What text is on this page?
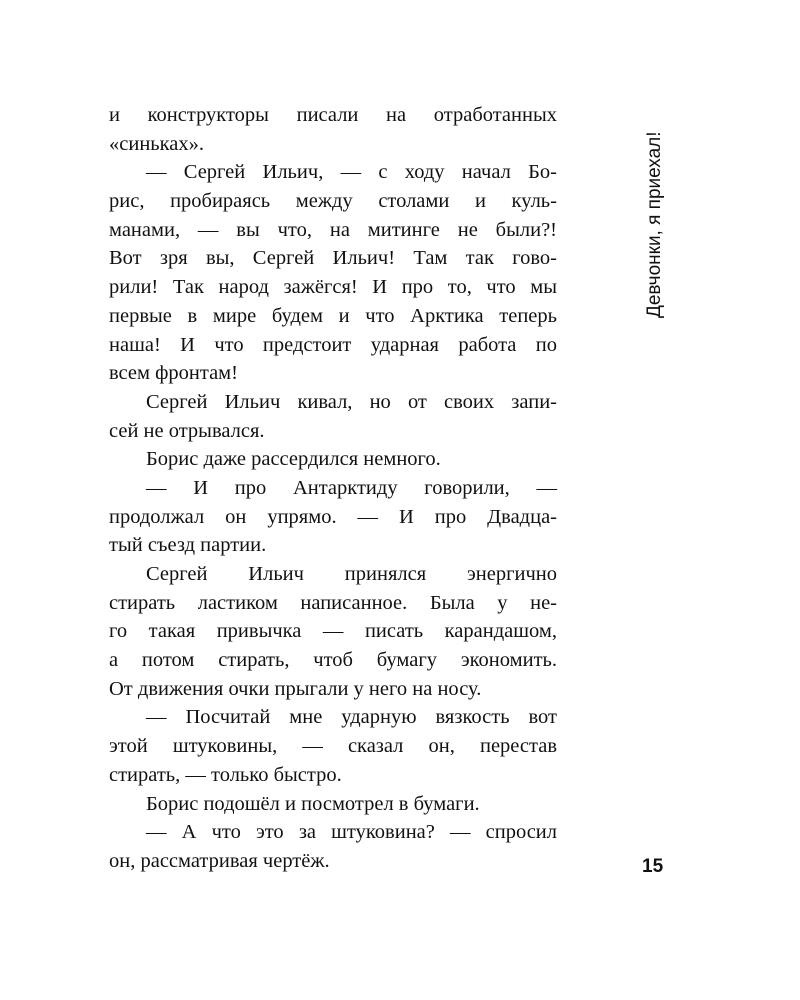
Девчонки, я приехал!
и конструкторы писали на отработанных
«синьках».
— Сергей Ильич, — с ходу начал Бо-
рис, пробираясь между столами и куль-
манами, — вы что, на митинге не были?!
Вот зря вы, Сергей Ильич! Там так гово-
рили! Так народ зажёгся! И про то, что мы
первые в мире будем и что Арктика теперь
наша! И что предстоит ударная работа по
всем фронтам!
Сергей Ильич кивал, но от своих запи-
сей не отрывался.
Борис даже рассердился немного.
— И про Антарктиду говорили, —
продолжал он упрямо. — И про Двадца-
тый съезд партии.
Сергей Ильич принялся энергично
стирать ластиком написанное. Была у не-
го такая привычка — писать карандашом,
а потом стирать, чтоб бумагу экономить.
От движения очки прыгали у него на носу.
— Посчитай мне ударную вязкость вот
этой штуковины, — сказал он, перестав
стирать, — только быстро.
Борис подошёл и посмотрел в бумаги.
— А что это за штуковина? — спросил
он, рассматривая чертёж.	15
